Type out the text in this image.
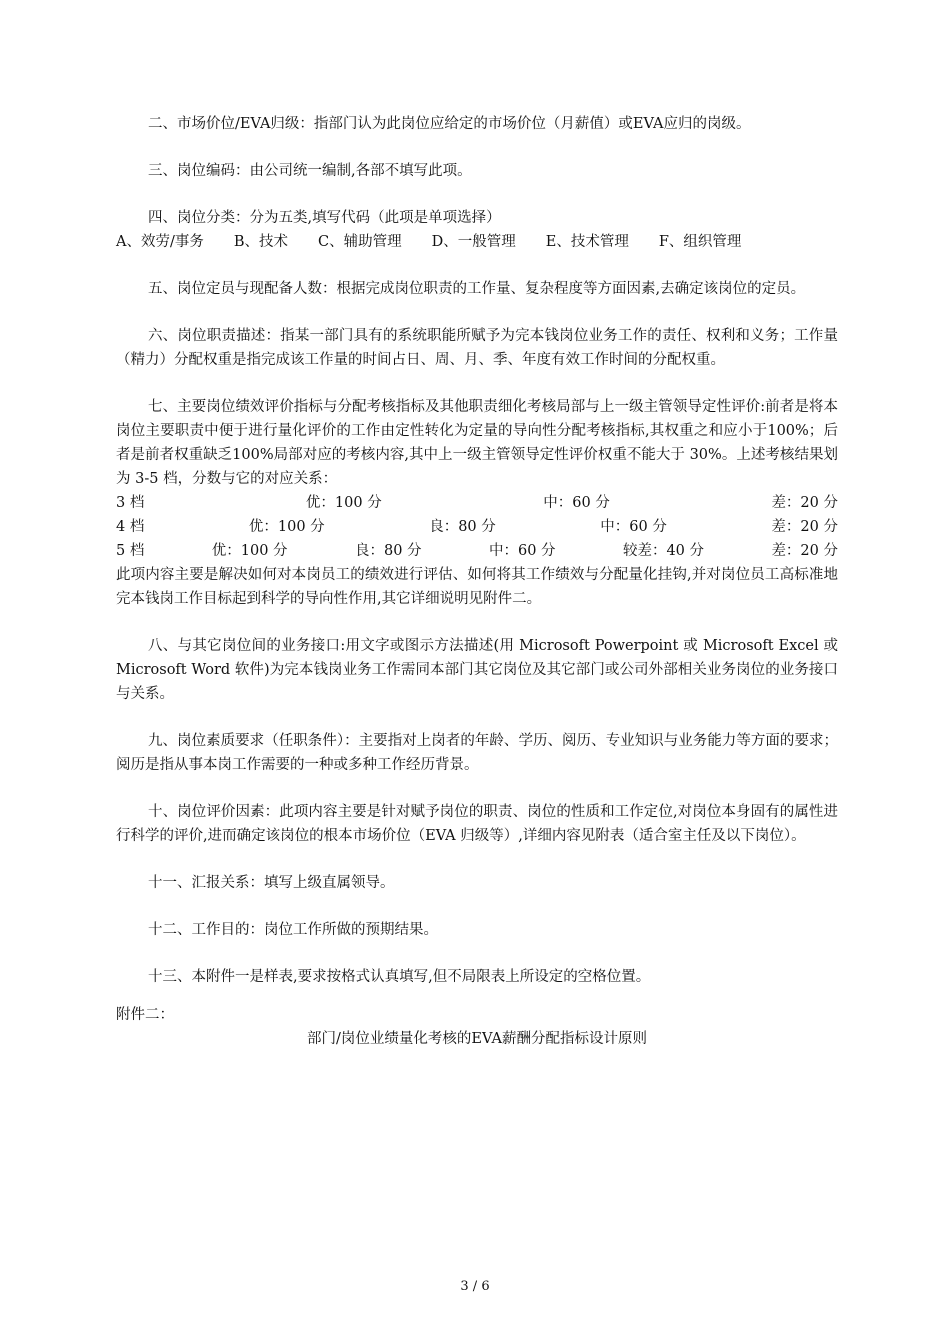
二、市场价位/EVA归级：指部门认为此岗位应给定的市场价位（月薪值）或EVA应归的岗级。

三、岗位编码：由公司统一编制,各部不填写此项。

四、岗位分类：分为五类,填写代码（此项是单项选择）

A、效劳/事务 B、技术 C、辅助管理 D、一般管理 E、技术管理 F、组织管理

五、岗位定员与现配备人数：根据完成岗位职责的工作量、复杂程度等方面因素,去确定该岗位的定员。

六、岗位职责描述：指某一部门具有的系统职能所赋予为完本钱岗位业务工作的责任、权利和义务；工作量（精力）分配权重是指完成该工作量的时间占日、周、月、季、年度有效工作时间的分配权重。

七、主要岗位绩效评价指标与分配考核指标及其他职责细化考核局部与上一级主管领导定性评价:前者是将本岗位主要职责中便于进行量化评价的工作由定性转化为定量的导向性分配考核指标,其权重之和应小于100%；后者是前者权重缺乏100%局部对应的考核内容,其中上一级主管领导定性评价权重不能大于 30%。上述考核结果划为 3-5 档，分数与它的对应关系：

3 档	优：100 分	中：60 分	差：20 分
4 档	优：100 分	良：80 分	中：60 分	差：20 分
5 档	优：100 分	良：80 分	中：60 分	较差：40 分	差：20 分

此项内容主要是解决如何对本岗员工的绩效进行评估、如何将其工作绩效与分配量化挂钩,并对岗位员工高标准地完本钱岗工作目标起到科学的导向性作用,其它详细说明见附件二。

八、与其它岗位间的业务接口:用文字或图示方法描述(用 Microsoft Powerpoint 或 Microsoft Excel 或 Microsoft Word 软件)为完本钱岗业务工作需同本部门其它岗位及其它部门或公司外部相关业务岗位的业务接口与关系。

九、岗位素质要求（任职条件）：主要指对上岗者的年龄、学历、阅历、专业知识与业务能力等方面的要求；阅历是指从事本岗工作需要的一种或多种工作经历背景。

十、岗位评价因素：此项内容主要是针对赋予岗位的职责、岗位的性质和工作定位,对岗位本身固有的属性进行科学的评价,进而确定该岗位的根本市场价位（EVA 归级等）,详细内容见附表（适合室主任及以下岗位）。

十一、汇报关系：填写上级直属领导。

十二、工作目的：岗位工作所做的预期结果。

十三、本附件一是样表,要求按格式认真填写,但不局限表上所设定的空格位置。

附件二：

部门/岗位业绩量化考核的EVA薪酬分配指标设计原则

3 / 6
